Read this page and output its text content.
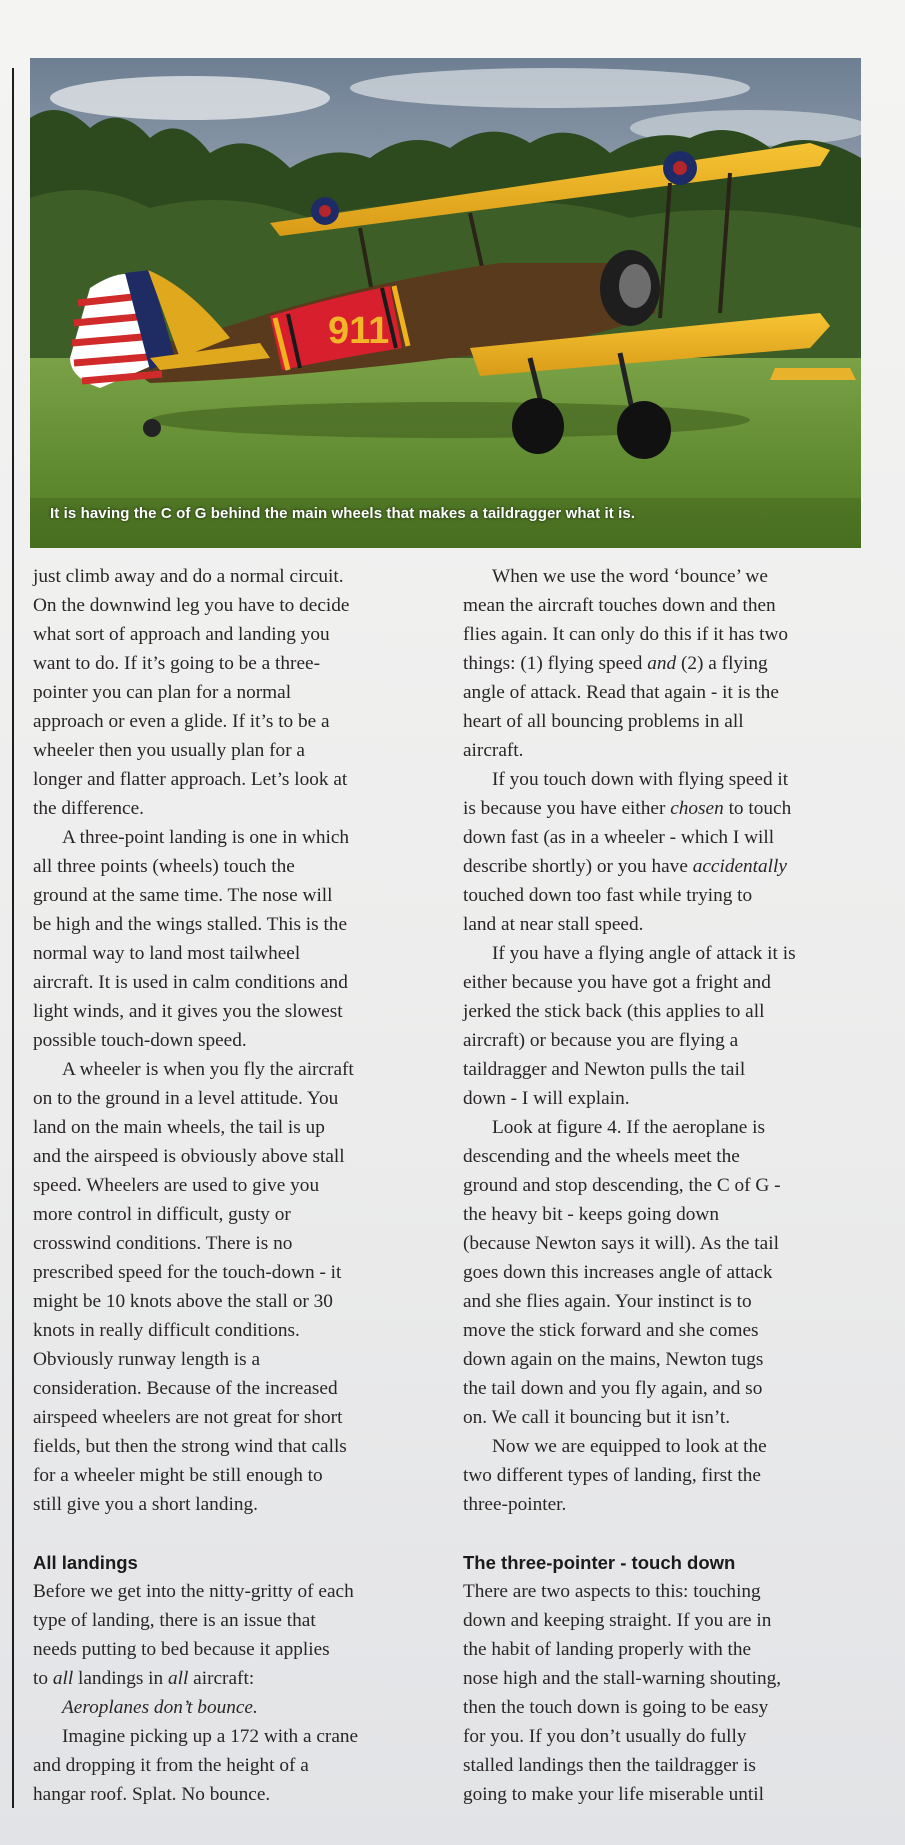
911
It is having the C of G behind the main wheels that makes a taildragger what it is.
just climb away and do a normal circuit.
On the downwind leg you have to decide
what sort of approach and landing you
want to do. If it’s going to be a three-
pointer you can plan for a normal
approach or even a glide. If it’s to be a
wheeler then you usually plan for a
longer and flatter approach. Let’s look at
the difference.
A three-point landing is one in which
all three points (wheels) touch the
ground at the same time. The nose will
be high and the wings stalled. This is the
normal way to land most tailwheel
aircraft. It is used in calm conditions and
light winds, and it gives you the slowest
possible touch-down speed.
A wheeler is when you fly the aircraft
on to the ground in a level attitude. You
land on the main wheels, the tail is up
and the airspeed is obviously above stall
speed. Wheelers are used to give you
more control in difficult, gusty or
crosswind conditions. There is no
prescribed speed for the touch-down - it
might be 10 knots above the stall or 30
knots in really difficult conditions.
Obviously runway length is a
consideration. Because of the increased
airspeed wheelers are not great for short
fields, but then the strong wind that calls
for a wheeler might be still enough to
still give you a short landing.
All landings
Before we get into the nitty-gritty of each
type of landing, there is an issue that
needs putting to bed because it applies
to all landings in all aircraft:
Aeroplanes don’t bounce.
Imagine picking up a 172 with a crane
and dropping it from the height of a
hangar roof. Splat. No bounce.
When we use the word ‘bounce’ we
mean the aircraft touches down and then
flies again. It can only do this if it has two
things: (1) flying speed and (2) a flying
angle of attack. Read that again - it is the
heart of all bouncing problems in all
aircraft.
If you touch down with flying speed it
is because you have either chosen to touch
down fast (as in a wheeler - which I will
describe shortly) or you have accidentally
touched down too fast while trying to
land at near stall speed.
If you have a flying angle of attack it is
either because you have got a fright and
jerked the stick back (this applies to all
aircraft) or because you are flying a
taildragger and Newton pulls the tail
down - I will explain.
Look at figure 4. If the aeroplane is
descending and the wheels meet the
ground and stop descending, the C of G -
the heavy bit - keeps going down
(because Newton says it will). As the tail
goes down this increases angle of attack
and she flies again. Your instinct is to
move the stick forward and she comes
down again on the mains, Newton tugs
the tail down and you fly again, and so
on. We call it bouncing but it isn’t.
Now we are equipped to look at the
two different types of landing, first the
three-pointer.
The three-pointer - touch down
There are two aspects to this: touching
down and keeping straight. If you are in
the habit of landing properly with the
nose high and the stall-warning shouting,
then the touch down is going to be easy
for you. If you don’t usually do fully
stalled landings then the taildragger is
going to make your life miserable until
